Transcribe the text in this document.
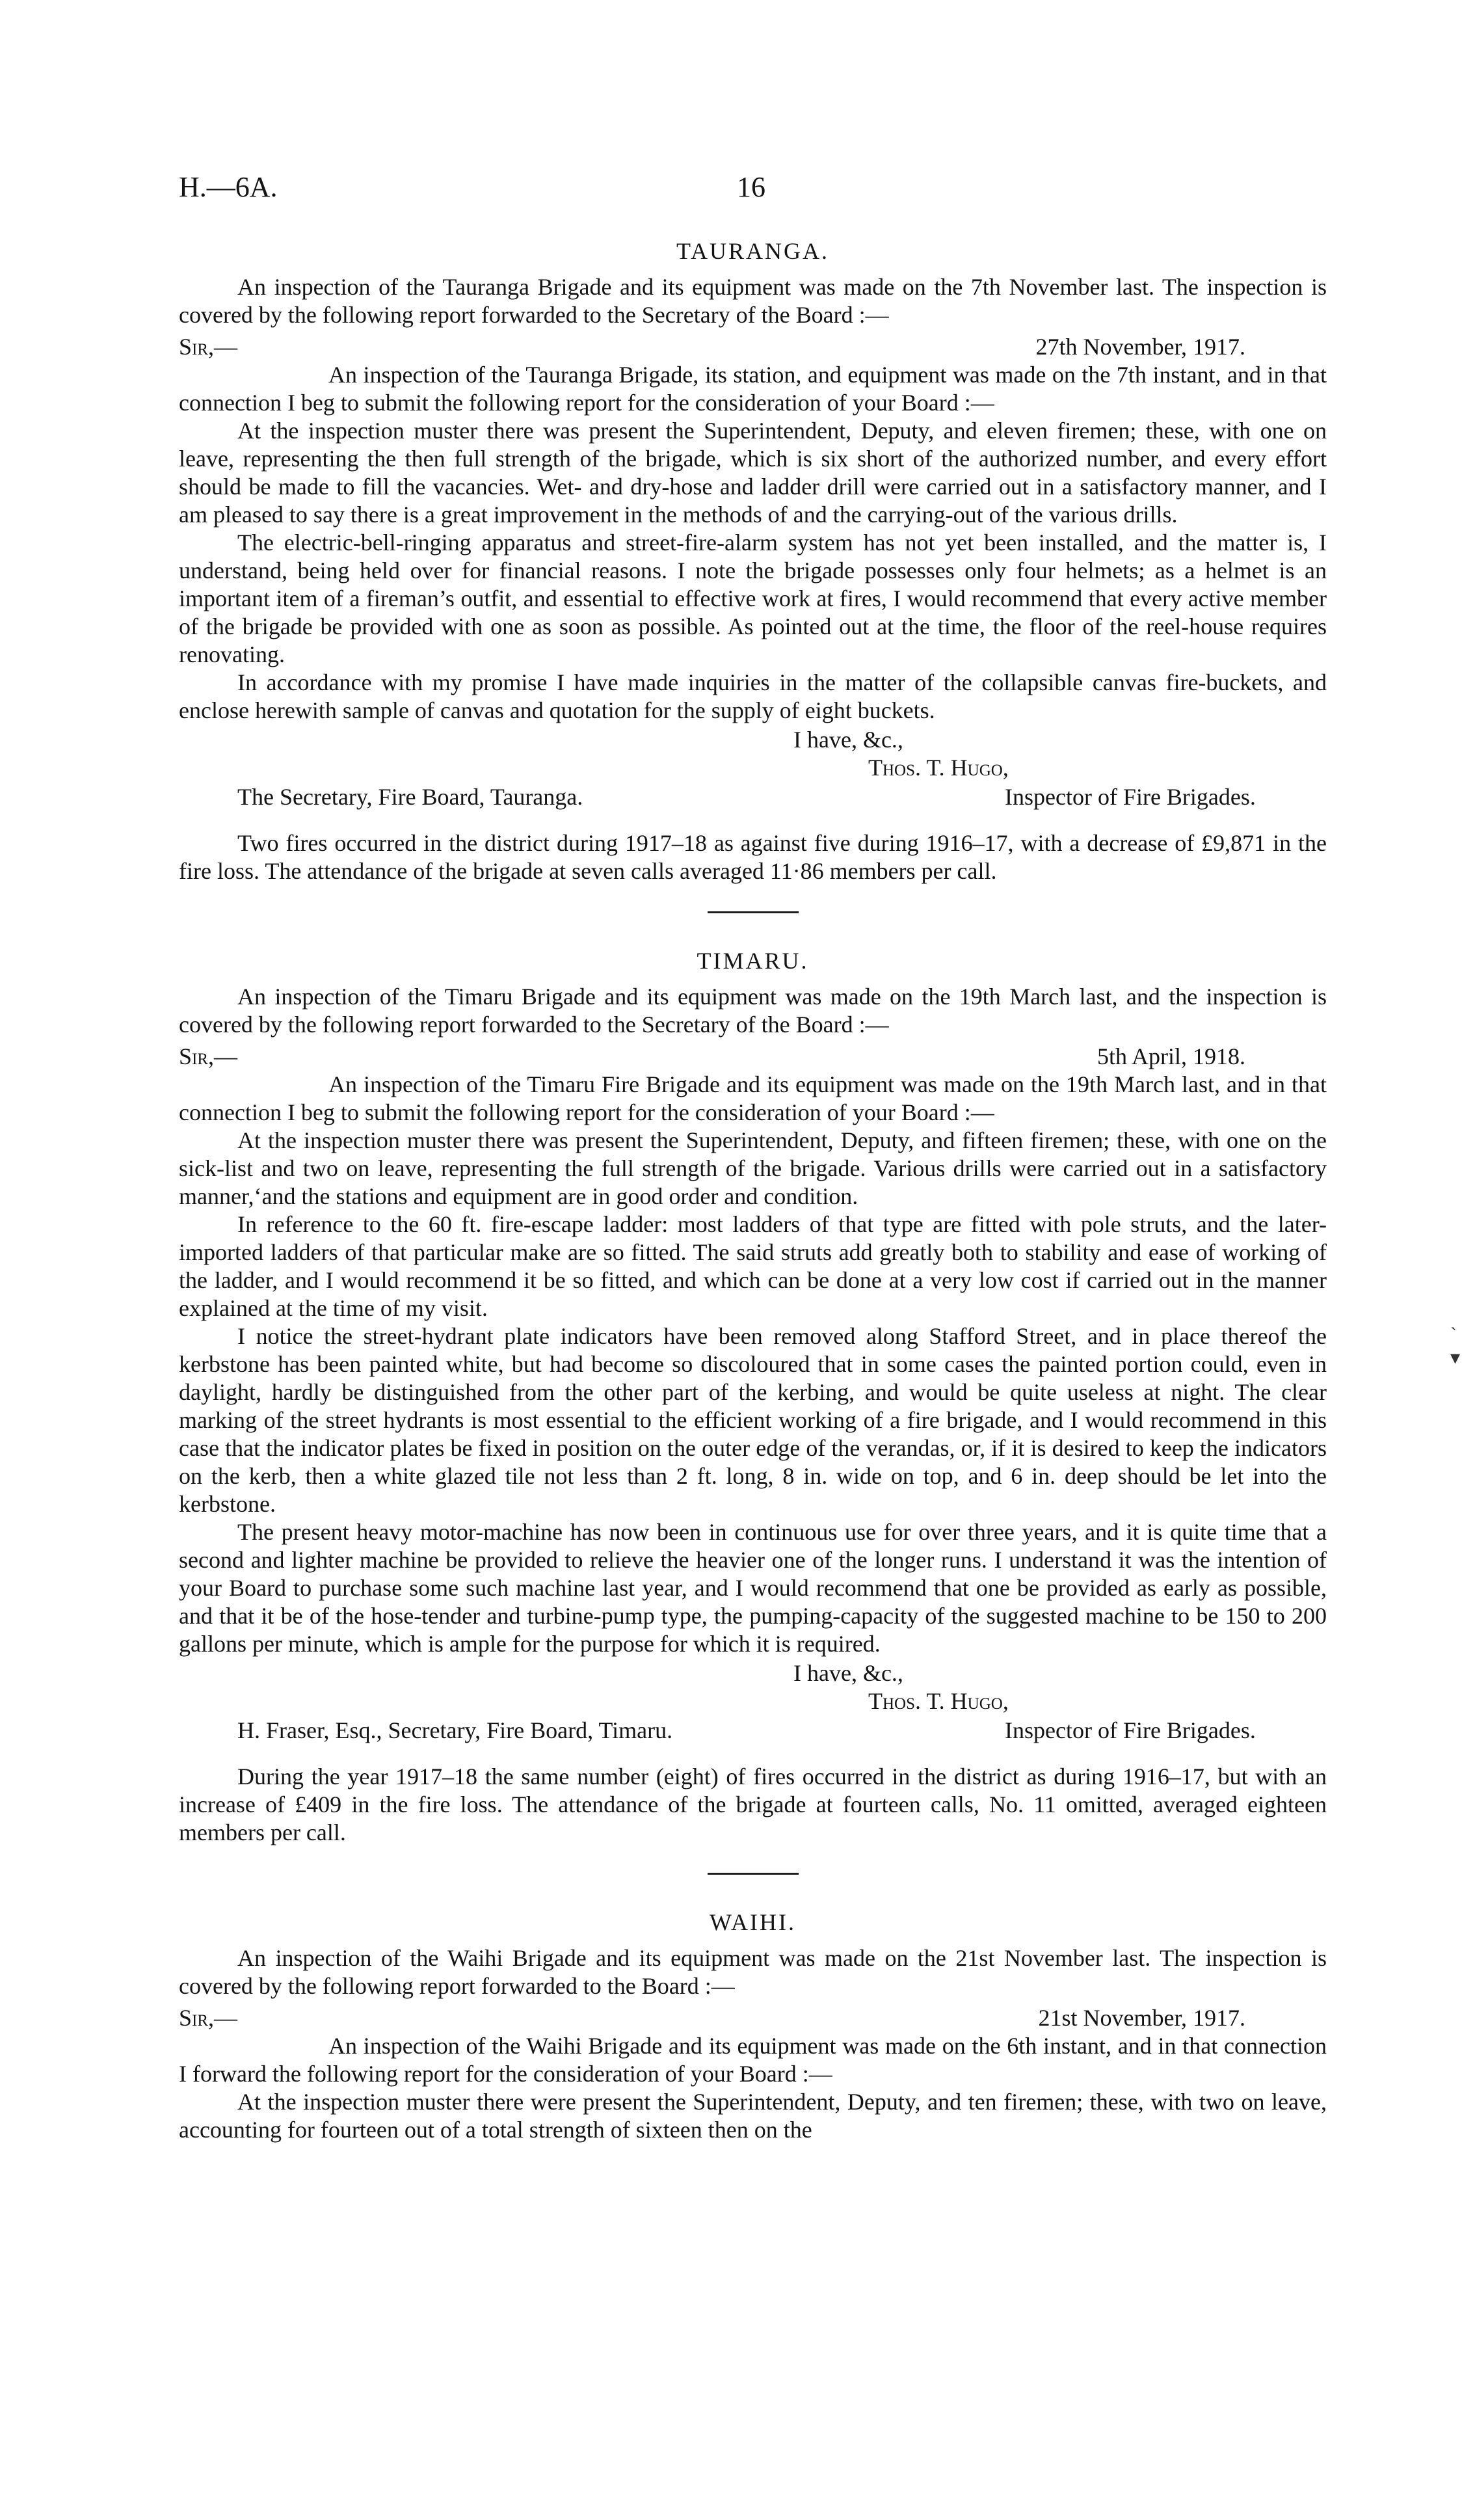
H.—6A.	16
TAURANGA.

An inspection of the Tauranga Brigade and its equipment was made on the 7th November last. The inspection is covered by the following report forwarded to the Secretary of the Board :—

Sir,—	27th November, 1917.

An inspection of the Tauranga Brigade, its station, and equipment was made on the 7th instant, and in that connection I beg to submit the following report for the consideration of your Board :—

At the inspection muster there was present the Superintendent, Deputy, and eleven firemen; these, with one on leave, representing the then full strength of the brigade, which is six short of the authorized number, and every effort should be made to fill the vacancies. Wet- and dry-hose and ladder drill were carried out in a satisfactory manner, and I am pleased to say there is a great improvement in the methods of and the carrying-out of the various drills.

The electric-bell-ringing apparatus and street-fire-alarm system has not yet been installed, and the matter is, I understand, being held over for financial reasons. I note the brigade possesses only four helmets; as a helmet is an important item of a fireman’s outfit, and essential to effective work at fires, I would recommend that every active member of the brigade be provided with one as soon as possible. As pointed out at the time, the floor of the reel-house requires renovating.

In accordance with my promise I have made inquiries in the matter of the collapsible canvas fire-buckets, and enclose herewith sample of canvas and quotation for the supply of eight buckets.

I have, &c.,
Thos. T. Hugo,
The Secretary, Fire Board, Tauranga.	Inspector of Fire Brigades.

Two fires occurred in the district during 1917–18 as against five during 1916–17, with a decrease of £9,871 in the fire loss. The attendance of the brigade at seven calls averaged 11·86 members per call.

TIMARU.

An inspection of the Timaru Brigade and its equipment was made on the 19th March last, and the inspection is covered by the following report forwarded to the Secretary of the Board :—

Sir,—	5th April, 1918.

An inspection of the Timaru Fire Brigade and its equipment was made on the 19th March last, and in that connection I beg to submit the following report for the consideration of your Board :—

At the inspection muster there was present the Superintendent, Deputy, and fifteen firemen; these, with one on the sick-list and two on leave, representing the full strength of the brigade. Various drills were carried out in a satisfactory manner,‘and the stations and equipment are in good order and condition.

In reference to the 60 ft. fire-escape ladder: most ladders of that type are fitted with pole struts, and the later-imported ladders of that particular make are so fitted. The said struts add greatly both to stability and ease of working of the ladder, and I would recommend it be so fitted, and which can be done at a very low cost if carried out in the manner explained at the time of my visit.

I notice the street-hydrant plate indicators have been removed along Stafford Street, and in place thereof the kerbstone has been painted white, but had become so discoloured that in some cases the painted portion could, even in daylight, hardly be distinguished from the other part of the kerbing, and would be quite useless at night. The clear marking of the street hydrants is most essential to the efficient working of a fire brigade, and I would recommend in this case that the indicator plates be fixed in position on the outer edge of the verandas, or, if it is desired to keep the indicators on the kerb, then a white glazed tile not less than 2 ft. long, 8 in. wide on top, and 6 in. deep should be let into the kerbstone.

The present heavy motor-machine has now been in continuous use for over three years, and it is quite time that a second and lighter machine be provided to relieve the heavier one of the longer runs. I understand it was the intention of your Board to purchase some such machine last year, and I would recommend that one be provided as early as possible, and that it be of the hose-tender and turbine-pump type, the pumping-capacity of the suggested machine to be 150 to 200 gallons per minute, which is ample for the purpose for which it is required.

I have, &c.,
Thos. T. Hugo,
H. Fraser, Esq., Secretary, Fire Board, Timaru.	Inspector of Fire Brigades.

During the year 1917–18 the same number (eight) of fires occurred in the district as during 1916–17, but with an increase of £409 in the fire loss. The attendance of the brigade at fourteen calls, No. 11 omitted, averaged eighteen members per call.

WAIHI.

An inspection of the Waihi Brigade and its equipment was made on the 21st November last. The inspection is covered by the following report forwarded to the Board :—

Sir,—	21st November, 1917.

An inspection of the Waihi Brigade and its equipment was made on the 6th instant, and in that connection I forward the following report for the consideration of your Board :—

At the inspection muster there were present the Superintendent, Deputy, and ten firemen; these, with two on leave, accounting for fourteen out of a total strength of sixteen then on the

`
▾
